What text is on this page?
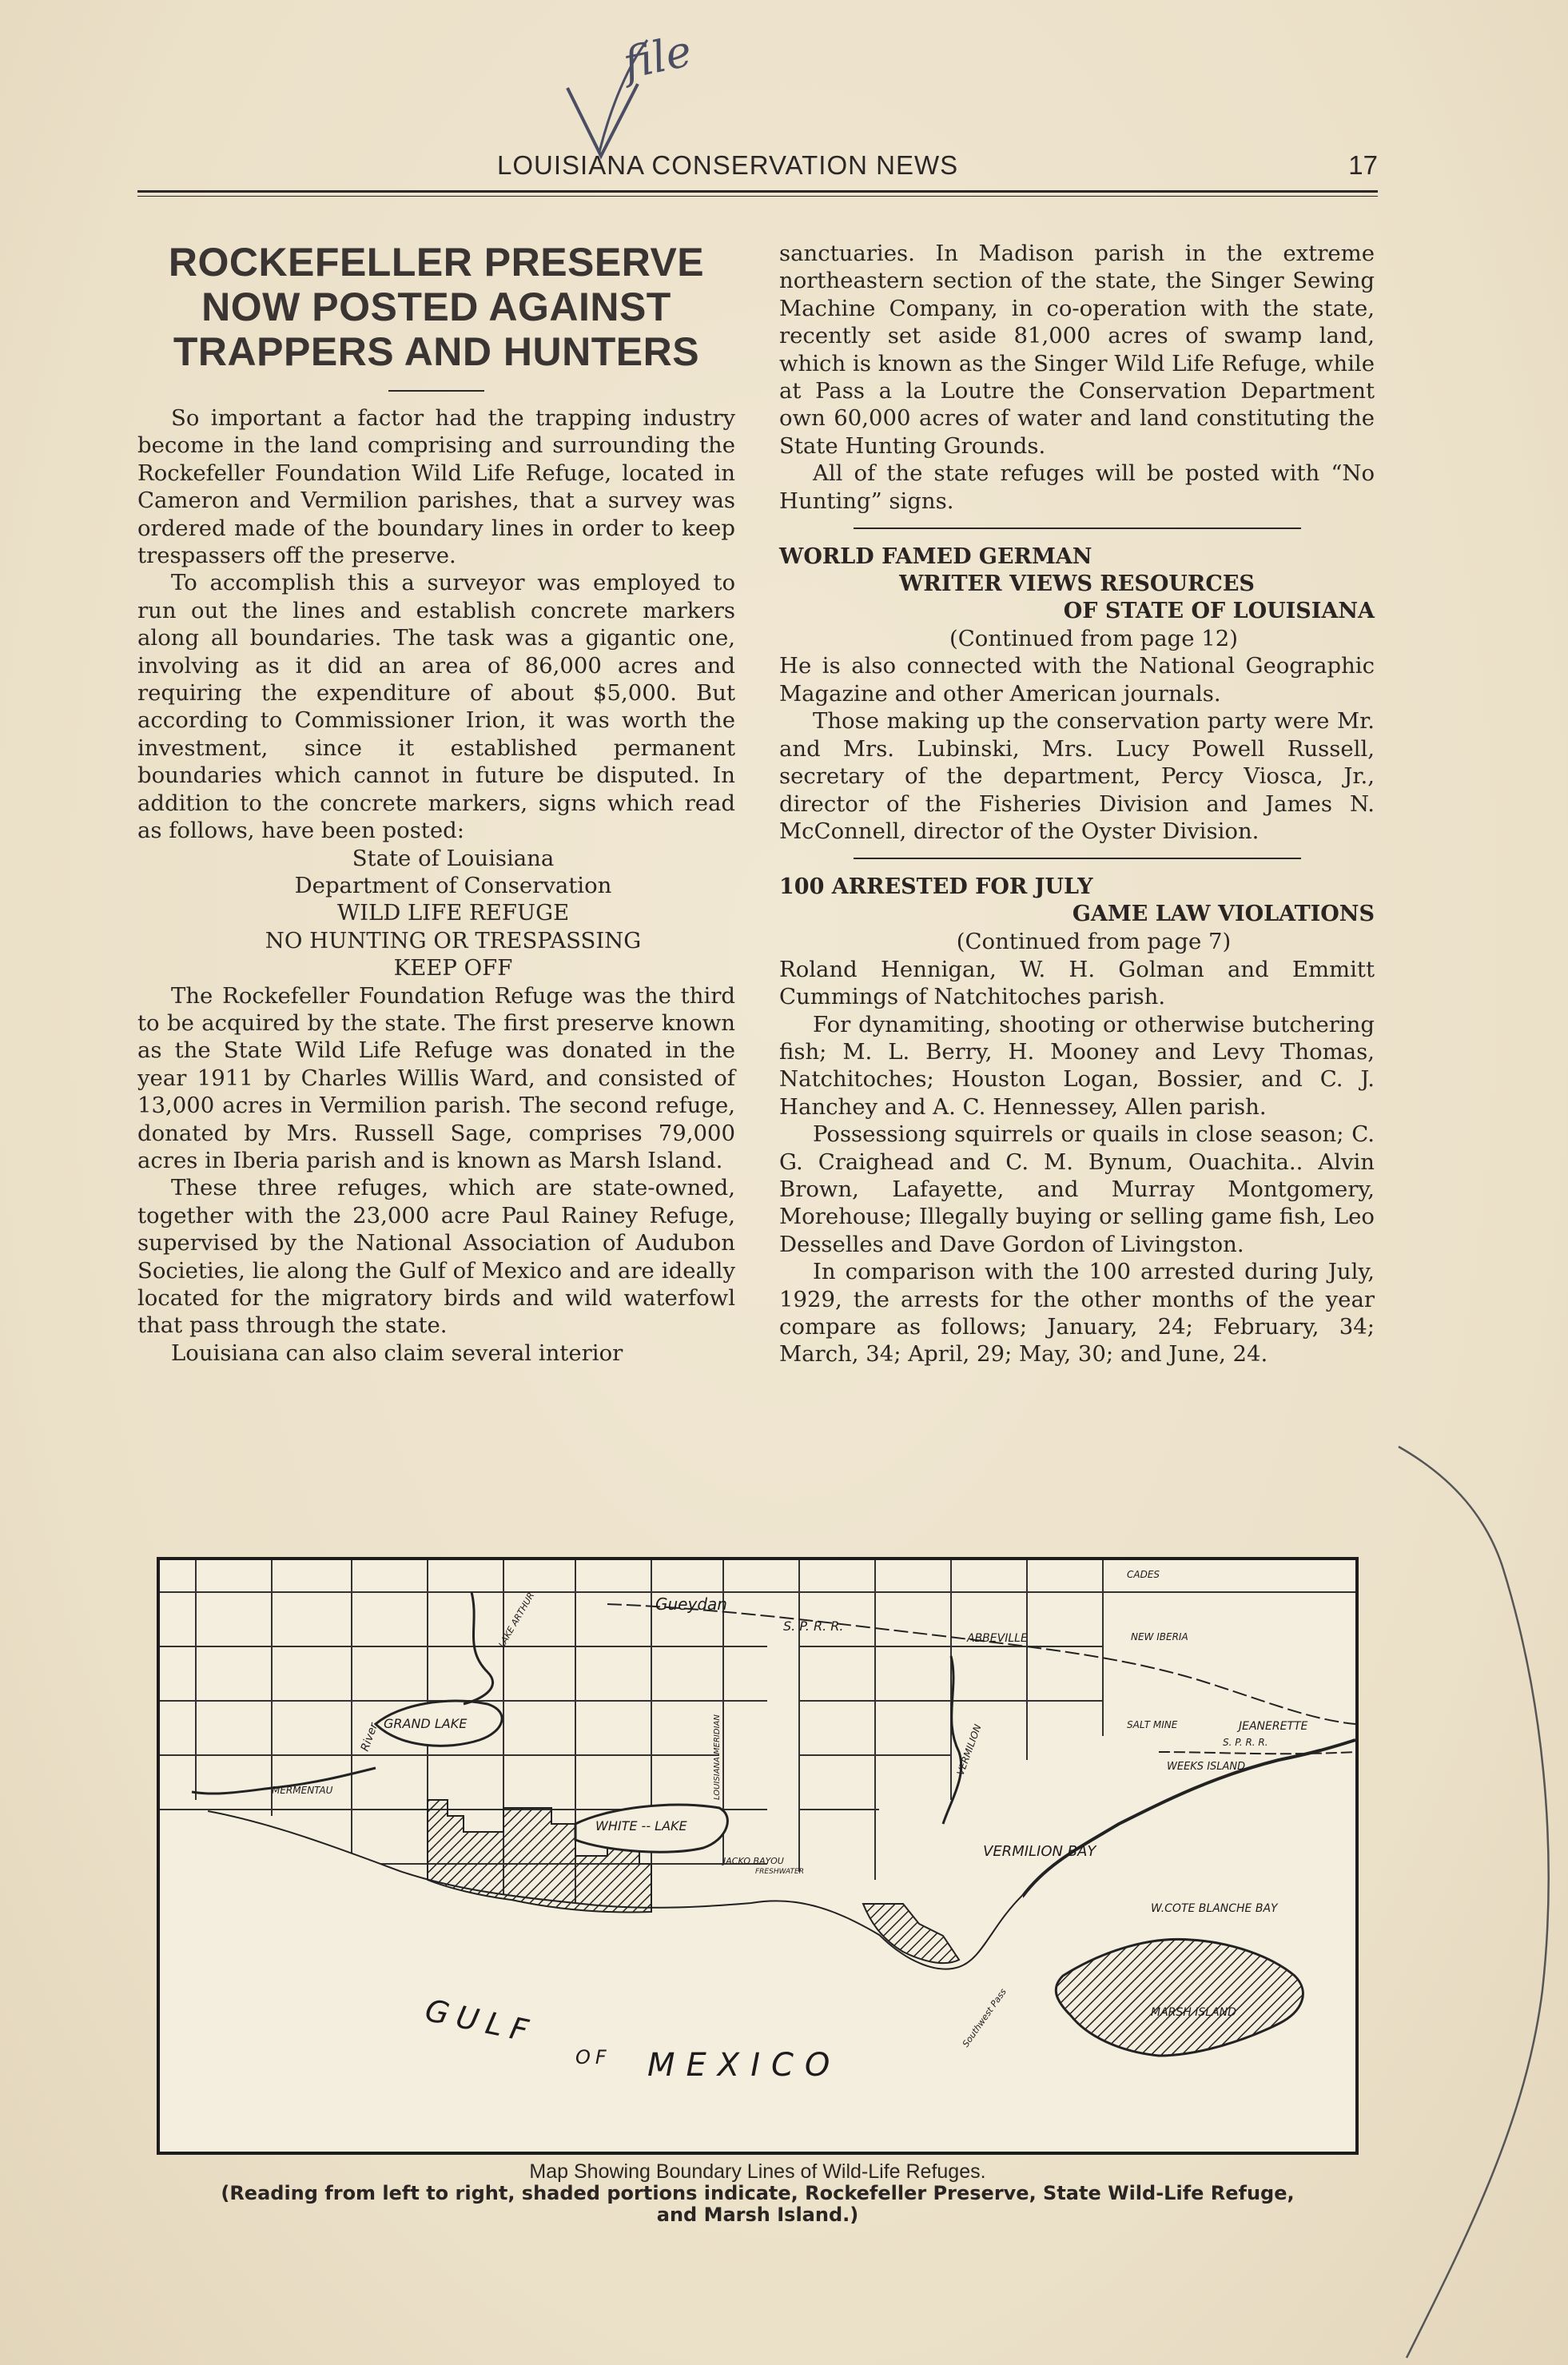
file
LOUISIANA CONSERVATION NEWS	17
ROCKEFELLER PRESERVE
NOW POSTED AGAINST
TRAPPERS AND HUNTERS

So important a factor had the trapping industry become in the land comprising and surrounding the Rockefeller Foundation Wild Life Refuge, located in Cameron and Vermilion parishes, that a survey was ordered made of the boundary lines in order to keep trespassers off the preserve.

To accomplish this a surveyor was employed to run out the lines and establish concrete markers along all boundaries. The task was a gigantic one, involving as it did an area of 86,000 acres and requiring the expenditure of about $5,000. But according to Commissioner Irion, it was worth the investment, since it established permanent boundaries which cannot in future be disputed. In addition to the concrete markers, signs which read as follows, have been posted:

State of Louisiana

Department of Conservation

WILD LIFE REFUGE

NO HUNTING OR TRESPASSING

KEEP OFF

The Rockefeller Foundation Refuge was the third to be acquired by the state. The first preserve known as the State Wild Life Refuge was donated in the year 1911 by Charles Willis Ward, and consisted of 13,000 acres in Vermilion parish. The second refuge, donated by Mrs. Russell Sage, comprises 79,000 acres in Iberia parish and is known as Marsh Island.

These three refuges, which are state-owned, together with the 23,000 acre Paul Rainey Refuge, supervised by the National Association of Audubon Societies, lie along the Gulf of Mexico and are ideally located for the migratory birds and wild waterfowl that pass through the state.

Louisiana can also claim several interior

sanctuaries. In Madison parish in the extreme northeastern section of the state, the Singer Sewing Machine Company, in co-operation with the state, recently set aside 81,000 acres of swamp land, which is known as the Singer Wild Life Refuge, while at Pass a la Loutre the Conservation Department own 60,000 acres of water and land constituting the State Hunting Grounds.

All of the state refuges will be posted with “No Hunting” signs.

WORLD FAMED GERMAN
WRITER VIEWS RESOURCES
OF STATE OF LOUISIANA

(Continued from page 12)

He is also connected with the National Geographic Magazine and other American journals.

Those making up the conservation party were Mr. and Mrs. Lubinski, Mrs. Lucy Powell Russell, secretary of the department, Percy Viosca, Jr., director of the Fisheries Division and James N. McConnell, director of the Oyster Division.

100 ARRESTED FOR JULY
GAME LAW VIOLATIONS

(Continued from page 7)

Roland Hennigan, W. H. Golman and Emmitt Cummings of Natchitoches parish.

For dynamiting, shooting or otherwise butchering fish; M. L. Berry, H. Mooney and Levy Thomas, Natchitoches; Houston Logan, Bossier, and C. J. Hanchey and A. C. Hennessey, Allen parish.

Possessiong squirrels or quails in close season; C. G. Craighead and C. M. Bynum, Ouachita.. Alvin Brown, Lafayette, and Murray Montgomery, Morehouse; Illegally buying or selling game fish, Leo Desselles and Dave Gordon of Livingston.

In comparison with the 100 arrested during July, 1929, the arrests for the other months of the year compare as follows; January, 24; February, 34; March, 34; April, 29; May, 30; and June, 24.

Gueydan
S. P. R. R.
ABBEVILLE
CADES
NEW IBERIA
SALT MINE	JEANERETTE
S. P. R. R.
WEEKS ISLAND
GRAND LAKE
WHITE -- LAKE
LAKE ARTHUR
MERMENTAU
River	LOUISIANA MERIDIAN	VERMILION
JACKO BAYOU
FRESHWATER
VERMILION BAY
W.COTE BLANCHE BAY
MARSH ISLAND
Southwest Pass
GULF
OF MEXICO
Map Showing Boundary Lines of Wild-Life Refuges.
(Reading from left to right, shaded portions indicate, Rockefeller Preserve, State Wild-Life Refuge,
and Marsh Island.)
